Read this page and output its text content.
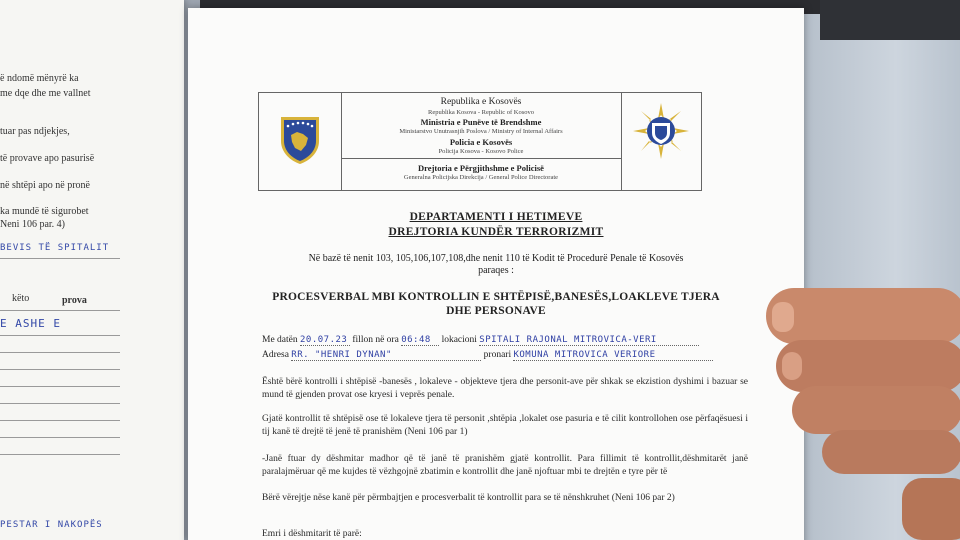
ë ndomë mënyrë ka
me dqe dhe me vallnet
tuar pas ndjekjes,
të provave apo pasurisë
në shtëpi apo në pronë
ka mundë të sigurobet
Neni 106 par. 4)
BEVIS TË SPITALIT
këto	prova
E ASHE E
PESTAR I NAKOPËS
Republika e Kosovës
Republika Kosova - Republic of Kosovo
Ministria e Punëve të Brendshme
Ministarstvo Unutrasnjih Poslova / Ministry of Internal Affairs
Policia e Kosovës
Policija Kosova - Kosovo Police
Drejtoria e Përgjithshme e Policisë
Generalna Policijska Direkcija / General Police Directorate
DEPARTAMENTI I HETIMEVE
DREJTORIA KUNDËR TERRORIZMIT
Në bazë të nenit 103, 105,106,107,108,dhe nenit 110 të Kodit të Procedurë Penale të Kosovës
paraqes :
PROCESVERBAL MBI KONTROLLIN E SHTËPISË,BANESËS,LOAKLEVE TJERA
DHE PERSONAVE
Me datën 20.07.23 fillon në ora 06:48 lokacioni SPITALI RAJONAL MITROVICA-VERI
Adresa RR. "HENRI DYNAN"	pronari KOMUNA MITROVICA VERIORE
Është bërë kontrolli i shtëpisë -banesës , lokaleve - objekteve tjera dhe personit-ave për shkak se ekzistion dyshimi i bazuar se mund të gjenden provat ose kryesi i veprës penale.
Gjatë kontrollit të shtëpisë ose të lokaleve tjera të personit ,shtëpia ,lokalet ose pasuria e të cilit kontrollohen ose përfaqësuesi i tij kanë të drejtë të jenë të pranishëm (Neni 106 par 1)
-Janë ftuar dy dëshmitar madhor që të janë të pranishëm gjatë kontrollit. Para fillimit të kontrollit,dëshmitarët janë paralajmëruar që me kujdes të vëzhgojnë zbatimin e kontrollit dhe janë njoftuar mbi te drejtën e tyre për të
Bërë vërejtje nëse kanë për përmbajtjen e procesverbalit të kontrollit para se të nënshkruhet (Neni 106 par 2)
Emri i dëshmitarit të parë:
